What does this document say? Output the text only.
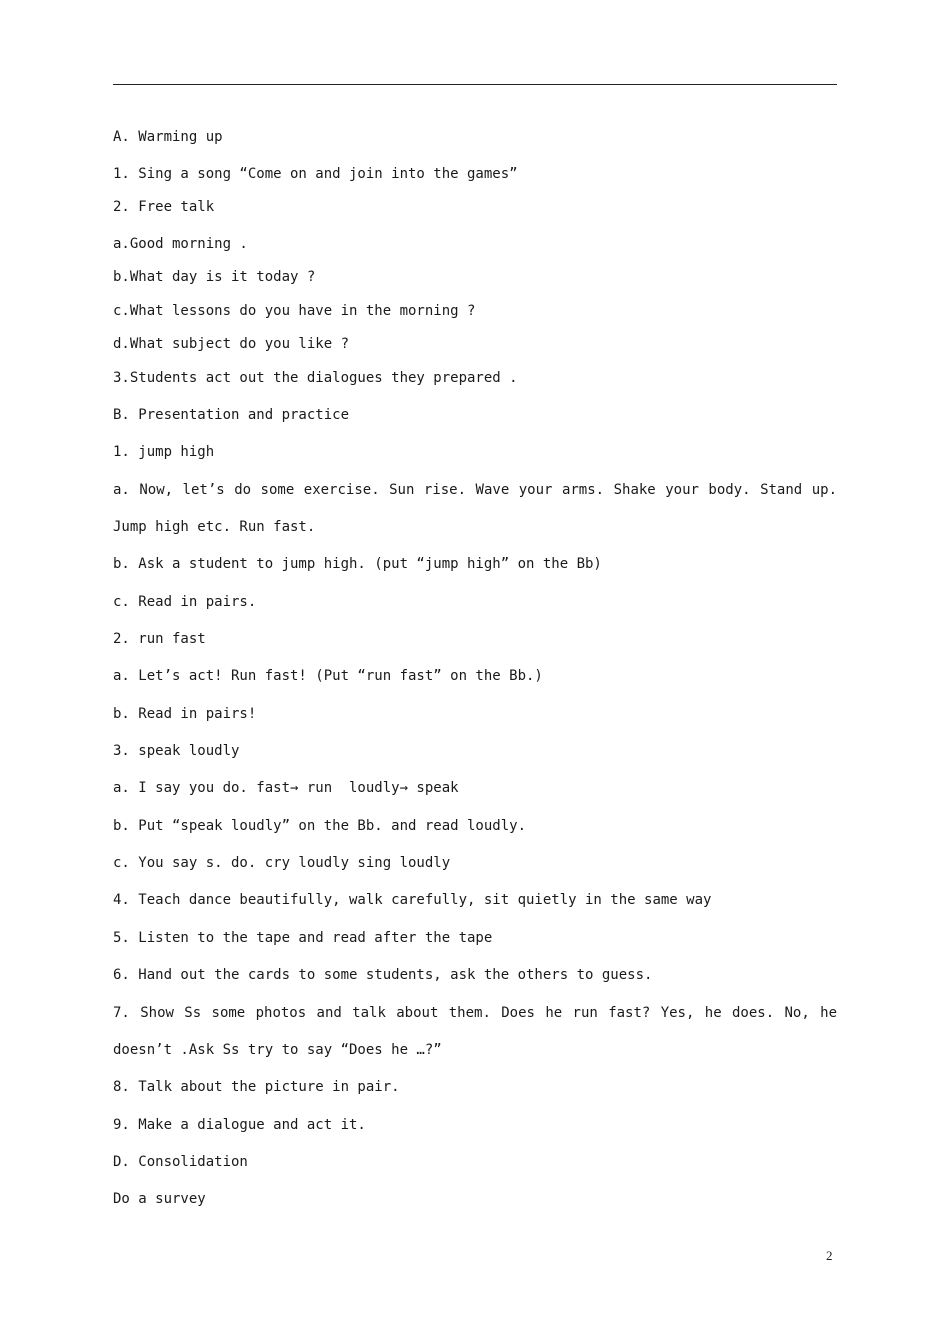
A. Warming up
1. Sing a song “Come on and join into the games”
2. Free talk
a.Good morning .
b.What day is it today ?
c.What lessons do you have in the morning ?
d.What subject do you like ?
3.Students act out the dialogues they prepared .
B. Presentation and practice
1. jump high
a. Now, let’s do some exercise. Sun rise. Wave your arms. Shake your body. Stand up.
Jump high etc. Run fast.
b. Ask a student to jump high. (put “jump high” on the Bb)
c. Read in pairs.
2. run fast
a. Let’s act! Run fast! (Put “run fast” on the Bb.)
b. Read in pairs!
3. speak loudly
a. I say you do. fast→ run  loudly→ speak
b. Put “speak loudly” on the Bb. and read loudly.
c. You say s. do. cry loudly sing loudly
4. Teach dance beautifully, walk carefully, sit quietly in the same way
5. Listen to the tape and read after the tape
6. Hand out the cards to some students, ask the others to guess.
7. Show Ss some photos and talk about them. Does he run fast? Yes, he does. No, he
doesn’t .Ask Ss try to say “Does he …?”
8. Talk about the picture in pair.
9. Make a dialogue and act it.
D. Consolidation
Do a survey
2
